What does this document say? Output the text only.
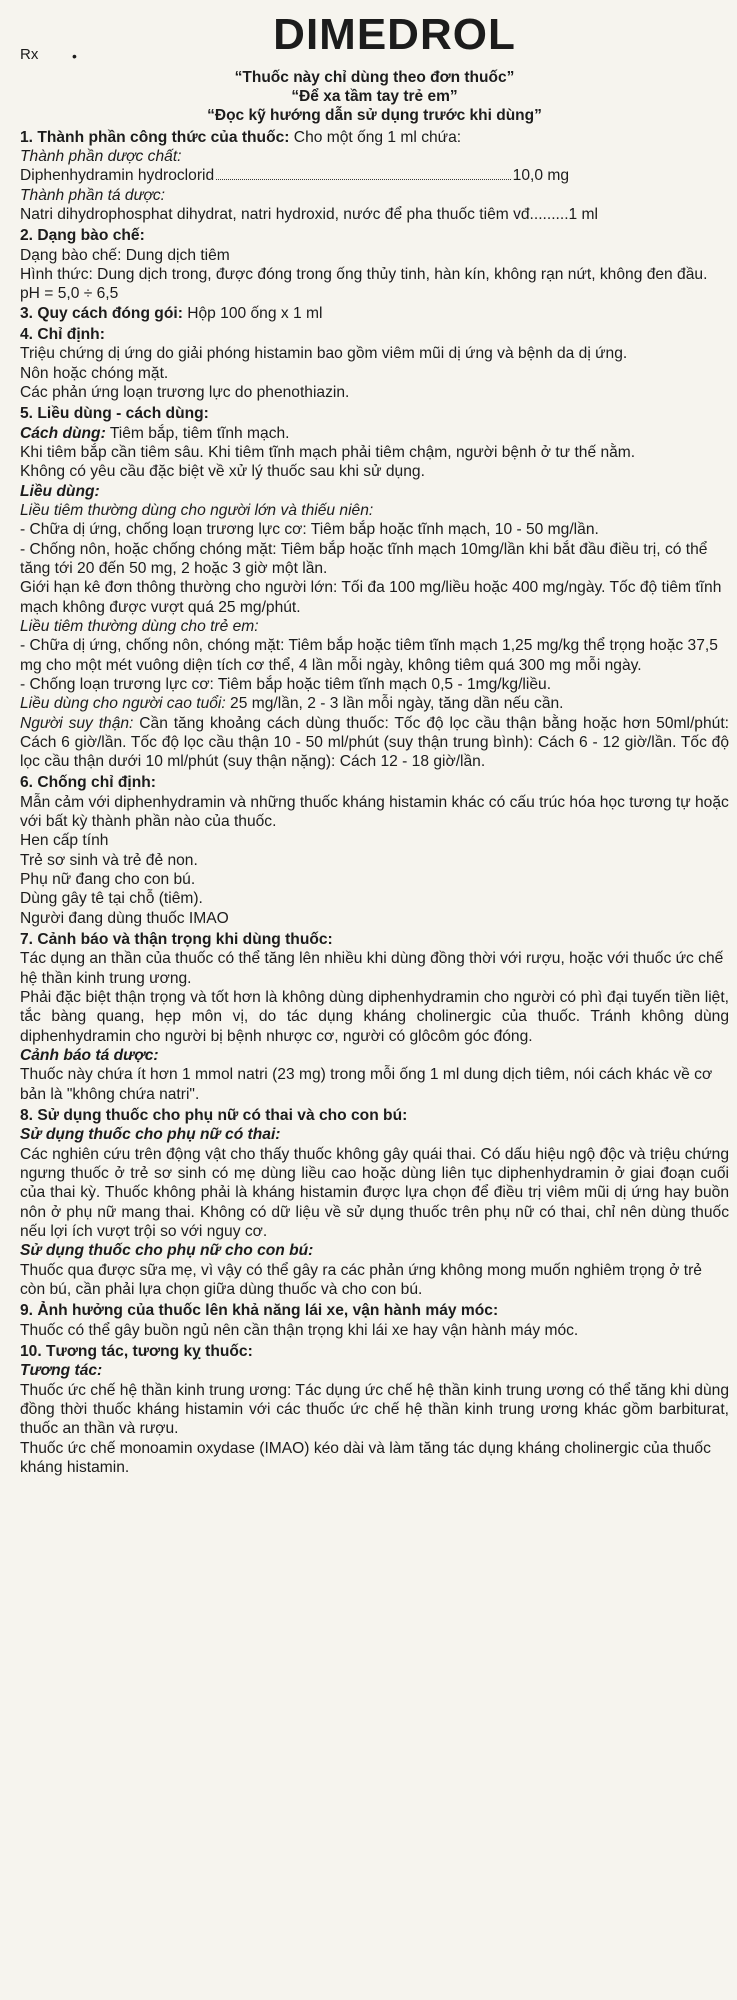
Rx •	DIMEDROL

“Thuốc này chỉ dùng theo đơn thuốc”

“Để xa tầm tay trẻ em”

“Đọc kỹ hướng dẫn sử dụng trước khi dùng”

1. Thành phần công thức của thuốc: Cho một ống 1 ml chứa:

Thành phần dược chất:

Diphenhydramin hydroclorid	10,0 mg

Thành phần tá dược:

Natri dihydrophosphat dihydrat, natri hydroxid, nước để pha thuốc tiêm vđ.........1 ml

2. Dạng bào chế:

Dạng bào chế: Dung dịch tiêm

Hình thức: Dung dịch trong, được đóng trong ống thủy tinh, hàn kín, không rạn nứt, không đen đầu.

pH = 5,0 ÷ 6,5

3. Quy cách đóng gói: Hộp 100 ống x 1 ml

4. Chỉ định:

Triệu chứng dị ứng do giải phóng histamin bao gồm viêm mũi dị ứng và bệnh da dị ứng.

Nôn hoặc chóng mặt.

Các phản ứng loạn trương lực do phenothiazin.

5. Liều dùng - cách dùng:

Cách dùng: Tiêm bắp, tiêm tĩnh mạch.

Khi tiêm bắp cần tiêm sâu. Khi tiêm tĩnh mạch phải tiêm chậm, người bệnh ở tư thế nằm.

Không có yêu cầu đặc biệt về xử lý thuốc sau khi sử dụng.

Liều dùng:

Liều tiêm thường dùng cho người lớn và thiếu niên:

- Chữa dị ứng, chống loạn trương lực cơ: Tiêm bắp hoặc tĩnh mạch, 10 - 50 mg/lần.

- Chống nôn, hoặc chống chóng mặt: Tiêm bắp hoặc tĩnh mạch 10mg/lần khi bắt đầu điều trị, có thể tăng tới 20 đến 50 mg, 2 hoặc 3 giờ một lần.

Giới hạn kê đơn thông thường cho người lớn: Tối đa 100 mg/liều hoặc 400 mg/ngày. Tốc độ tiêm tĩnh mạch không được vượt quá 25 mg/phút.

Liều tiêm thường dùng cho trẻ em:

- Chữa dị ứng, chống nôn, chóng mặt: Tiêm bắp hoặc tiêm tĩnh mạch 1,25 mg/kg thể trọng hoặc 37,5 mg cho một mét vuông diện tích cơ thể, 4 lần mỗi ngày, không tiêm quá 300 mg mỗi ngày.

- Chống loạn trương lực cơ: Tiêm bắp hoặc tiêm tĩnh mạch 0,5 - 1mg/kg/liều.

Liều dùng cho người cao tuổi: 25 mg/lần, 2 - 3 lần mỗi ngày, tăng dần nếu cần.

Người suy thận: Cần tăng khoảng cách dùng thuốc: Tốc độ lọc cầu thận bằng hoặc hơn 50ml/phút: Cách 6 giờ/lần. Tốc độ lọc cầu thận 10 - 50 ml/phút (suy thận trung bình): Cách 6 - 12 giờ/lần. Tốc độ lọc cầu thận dưới 10 ml/phút (suy thận nặng): Cách 12 - 18 giờ/lần.

6. Chống chỉ định:

Mẫn cảm với diphenhydramin và những thuốc kháng histamin khác có cấu trúc hóa học tương tự hoặc với bất kỳ thành phần nào của thuốc.

Hen cấp tính

Trẻ sơ sinh và trẻ đẻ non.

Phụ nữ đang cho con bú.

Dùng gây tê tại chỗ (tiêm).

Người đang dùng thuốc IMAO

7. Cảnh báo và thận trọng khi dùng thuốc:

Tác dụng an thần của thuốc có thể tăng lên nhiều khi dùng đồng thời với rượu, hoặc với thuốc ức chế hệ thần kinh trung ương.

Phải đặc biệt thận trọng và tốt hơn là không dùng diphenhydramin cho người có phì đại tuyến tiền liệt, tắc bàng quang, hẹp môn vị, do tác dụng kháng cholinergic của thuốc. Tránh không dùng diphenhydramin cho người bị bệnh nhược cơ, người có glôcôm góc đóng.

Cảnh báo tá dược:

Thuốc này chứa ít hơn 1 mmol natri (23 mg) trong mỗi ống 1 ml dung dịch tiêm, nói cách khác về cơ bản là "không chứa natri".

8. Sử dụng thuốc cho phụ nữ có thai và cho con bú:

Sử dụng thuốc cho phụ nữ có thai:

Các nghiên cứu trên động vật cho thấy thuốc không gây quái thai. Có dấu hiệu ngộ độc và triệu chứng ngưng thuốc ở trẻ sơ sinh có mẹ dùng liều cao hoặc dùng liên tục diphenhydramin ở giai đoạn cuối của thai kỳ. Thuốc không phải là kháng histamin được lựa chọn để điều trị viêm mũi dị ứng hay buồn nôn ở phụ nữ mang thai. Không có dữ liệu về sử dụng thuốc trên phụ nữ có thai, chỉ nên dùng thuốc nếu lợi ích vượt trội so với nguy cơ.

Sử dụng thuốc cho phụ nữ cho con bú:

Thuốc qua được sữa mẹ, vì vậy có thể gây ra các phản ứng không mong muốn nghiêm trọng ở trẻ còn bú, cần phải lựa chọn giữa dùng thuốc và cho con bú.

9. Ảnh hưởng của thuốc lên khả năng lái xe, vận hành máy móc:

Thuốc có thể gây buồn ngủ nên cần thận trọng khi lái xe hay vận hành máy móc.

10. Tương tác, tương kỵ thuốc:

Tương tác:

Thuốc ức chế hệ thần kinh trung ương: Tác dụng ức chế hệ thần kinh trung ương có thể tăng khi dùng đồng thời thuốc kháng histamin với các thuốc ức chế hệ thần kinh trung ương khác gồm barbiturat, thuốc an thần và rượu.

Thuốc ức chế monoamin oxydase (IMAO) kéo dài và làm tăng tác dụng kháng cholinergic của thuốc kháng histamin.
